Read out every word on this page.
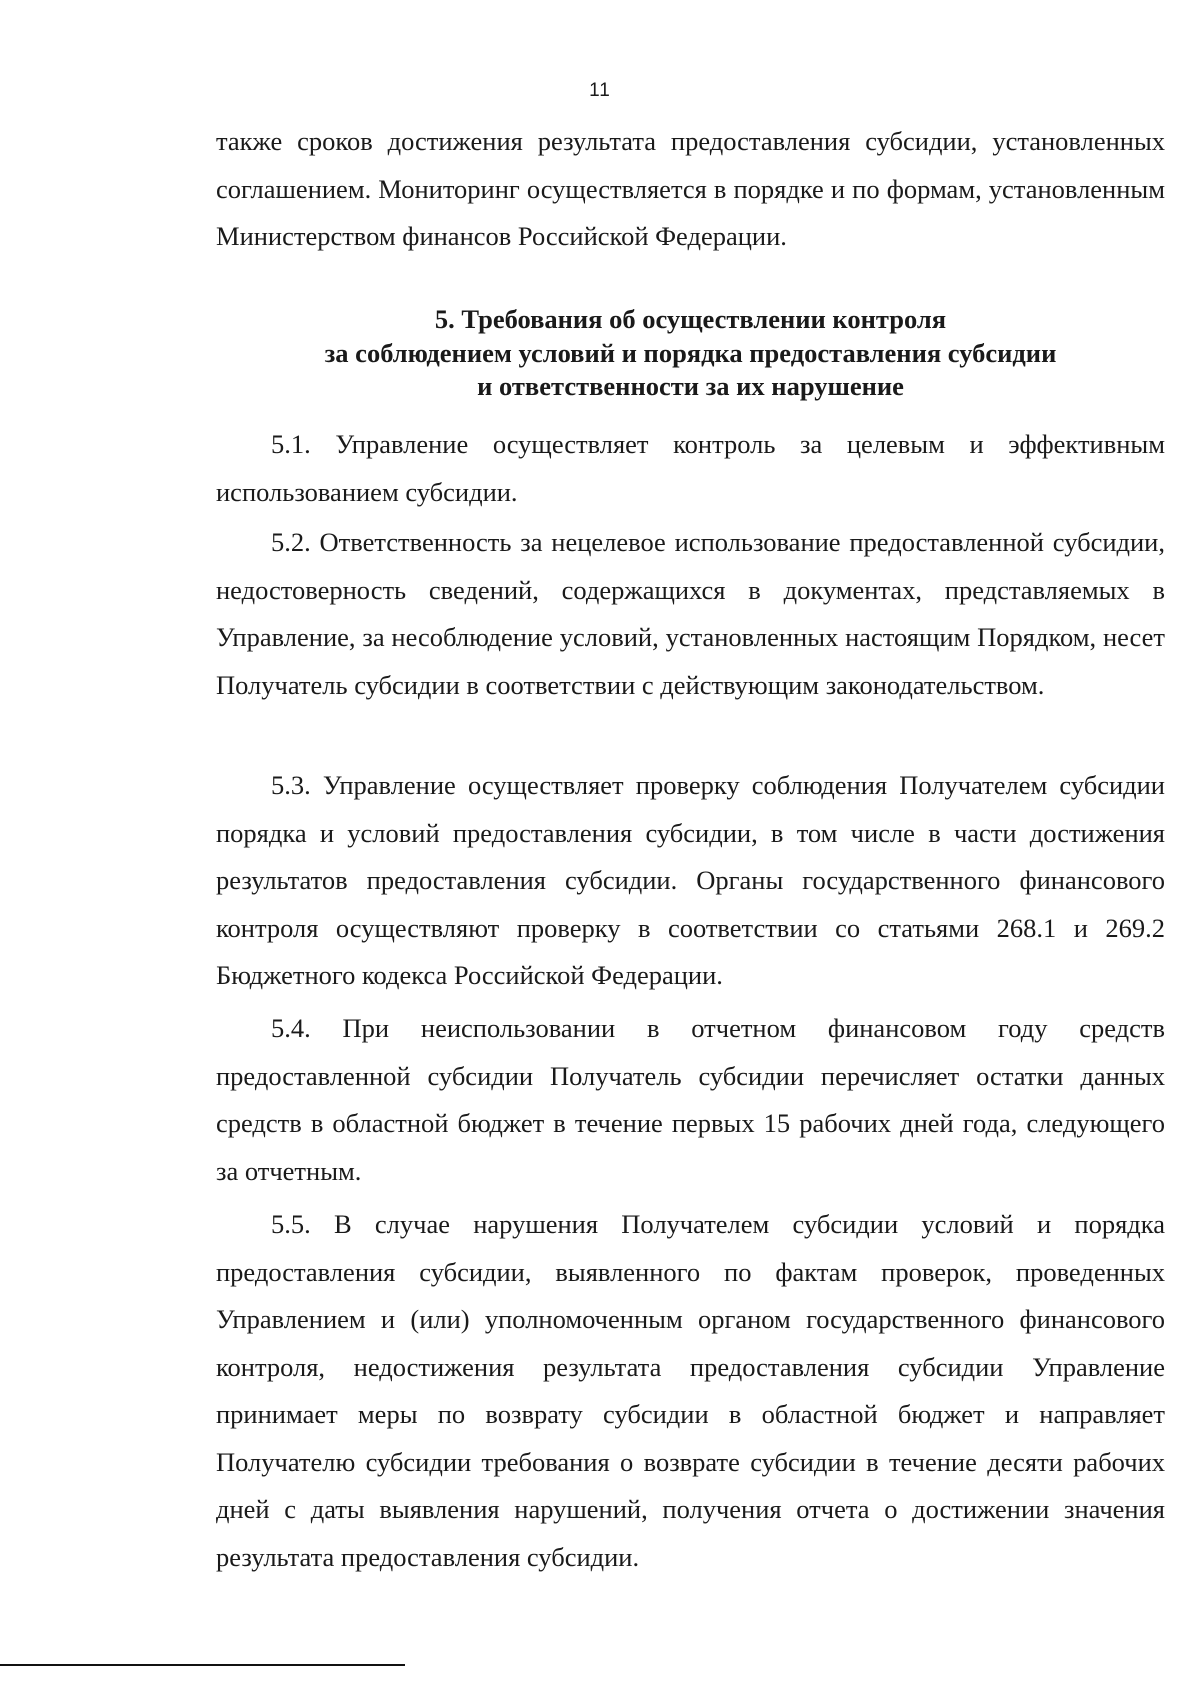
11

также сроков достижения результата предоставления субсидии, установленных соглашением. Мониторинг осуществляется в порядке и по формам, установленным Министерством финансов Российской Федерации.

5. Требования об осуществлении контроля
за соблюдением условий и порядка предоставления субсидии
и ответственности за их нарушение

5.1. Управление осуществляет контроль за целевым и эффективным использованием субсидии.

5.2. Ответственность за нецелевое использование предоставленной субсидии, недостоверность сведений, содержащихся в документах, представляемых в Управление, за несоблюдение условий, установленных настоящим Порядком, несет Получатель субсидии в соответствии с действующим законодательством.

5.3. Управление осуществляет проверку соблюдения Получателем субсидии порядка и условий предоставления субсидии, в том числе в части достижения результатов предоставления субсидии. Органы государственного финансового контроля осуществляют проверку в соответствии со статьями 268.1 и 269.2 Бюджетного кодекса Российской Федерации.

5.4. При неиспользовании в отчетном финансовом году средств предоставленной субсидии Получатель субсидии перечисляет остатки данных средств в областной бюджет в течение первых 15 рабочих дней года, следующего за отчетным.

5.5. В случае нарушения Получателем субсидии условий и порядка предоставления субсидии, выявленного по фактам проверок, проведенных Управлением и (или) уполномоченным органом государственного финансового контроля, недостижения результата предоставления субсидии Управление принимает меры по возврату субсидии в областной бюджет и направляет Получателю субсидии требования о возврате субсидии в течение десяти рабочих дней с даты выявления нарушений, получения отчета о достижении значения результата предоставления субсидии.
